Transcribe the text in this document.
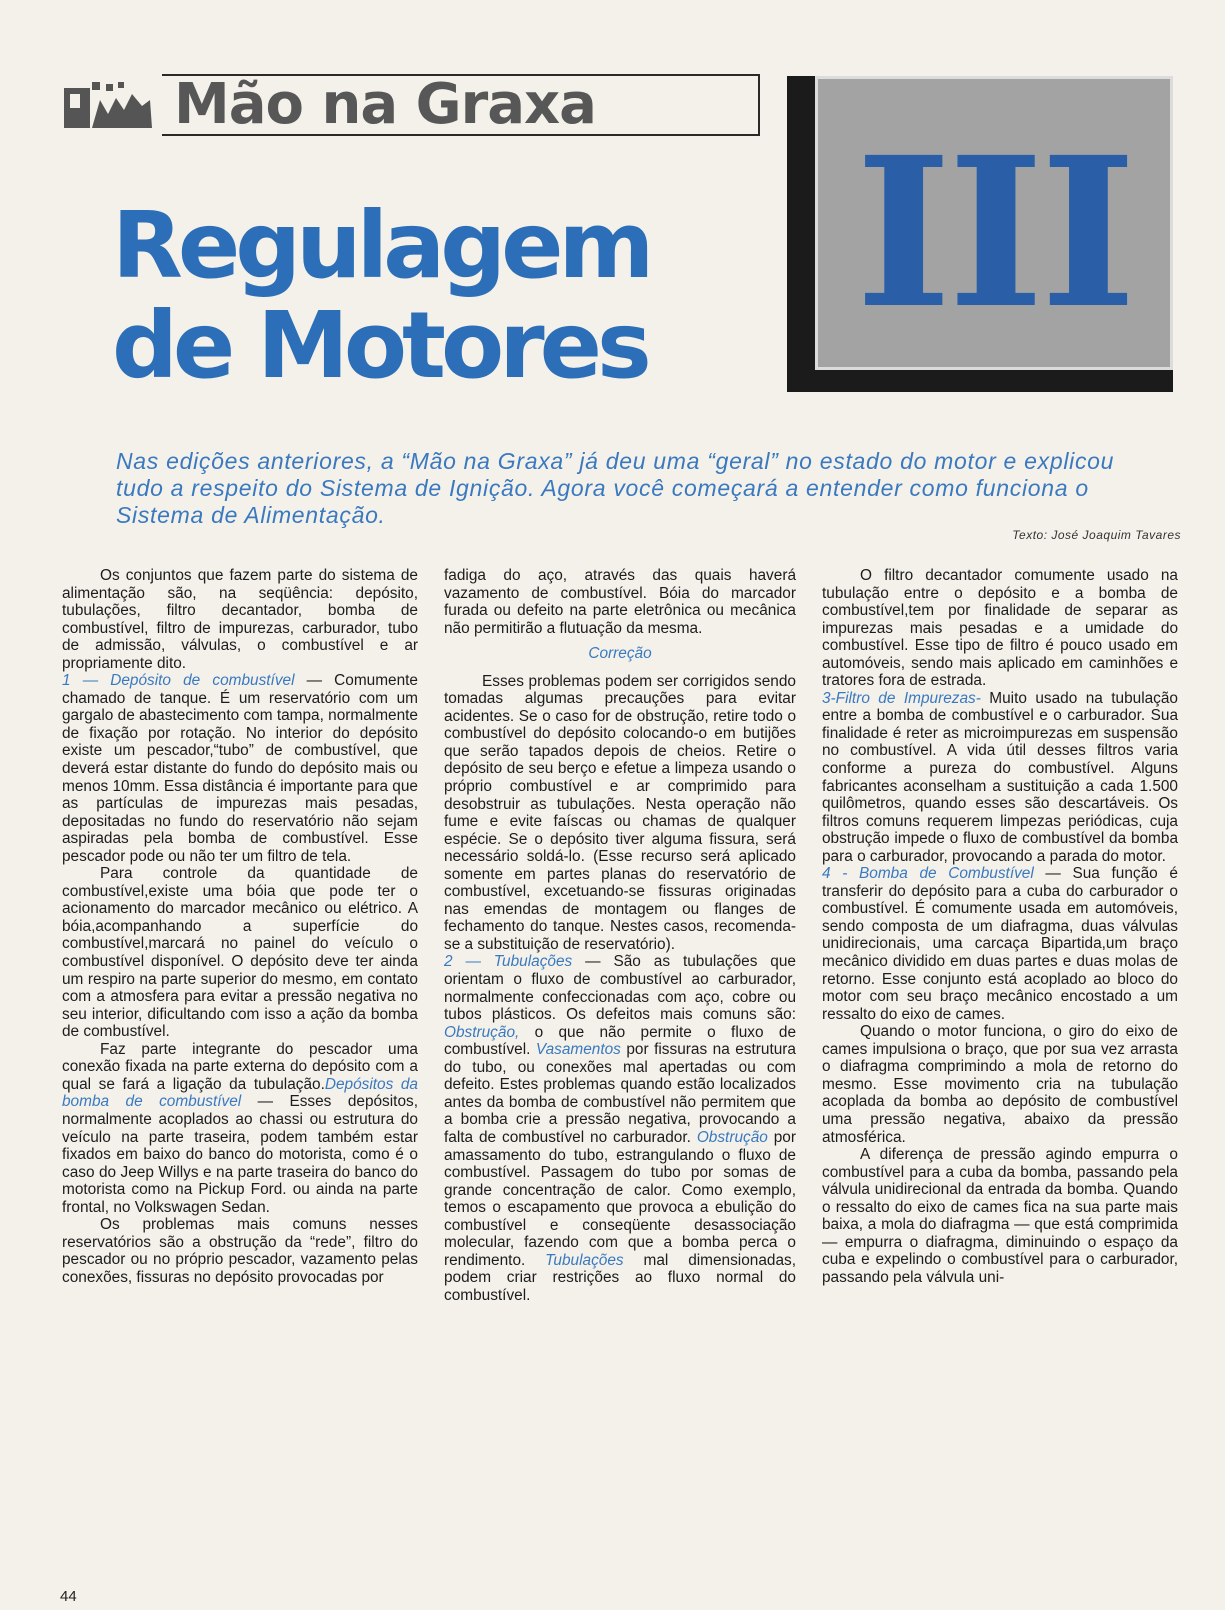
Mão na Graxa
Regulagem
de Motores III

Nas edições anteriores, a “Mão na Graxa” já deu uma “geral” no estado do motor e explicou tudo a respeito do Sistema de Ignição. Agora você começará a entender como funciona o Sistema de Alimentação.

Texto: José Joaquim Tavares

Os conjuntos que fazem parte do sistema de alimentação são, na seqüência: depósito, tubulações, filtro decantador, bomba de combustível, filtro de impurezas, carburador, tubo de admissão, válvulas, o combustível e ar propriamente dito.

1 — Depósito de combustível — Comumente chamado de tanque. É um reservatório com um gargalo de abastecimento com tampa, normalmente de fixação por rotação. No interior do depósito existe um pescador,“tubo” de combustível, que deverá estar distante do fundo do depósito mais ou menos 10mm. Essa distância é importante para que as partículas de impurezas mais pesadas, depositadas no fundo do reservatório não sejam aspiradas pela bomba de combustível. Esse pescador pode ou não ter um filtro de tela.

Para controle da quantidade de combustível,existe uma bóia que pode ter o acionamento do marcador mecânico ou elétrico. A bóia,acompanhando a superfície do combustível,marcará no painel do veículo o combustível disponível. O depósito deve ter ainda um respiro na parte superior do mesmo, em contato com a atmosfera para evitar a pressão negativa no seu interior, dificultando com isso a ação da bomba de combustível.

Faz parte integrante do pescador uma conexão fixada na parte externa do depósito com a qual se fará a ligação da tubulação.Depósitos da bomba de combustível — Esses depósitos, normalmente acoplados ao chassi ou estrutura do veículo na parte traseira, podem também estar fixados em baixo do banco do motorista, como é o caso do Jeep Willys e na parte traseira do banco do motorista como na Pickup Ford. ou ainda na parte frontal, no Volkswagen Sedan.

Os problemas mais comuns nesses reservatórios são a obstrução da “rede”, filtro do pescador ou no próprio pescador, vazamento pelas conexões, fissuras no depósito provocadas por

fadiga do aço, através das quais haverá vazamento de combustível. Bóia do marcador furada ou defeito na parte eletrônica ou mecânica não permitirão a flutuação da mesma.

Correção

Esses problemas podem ser corrigidos sendo tomadas algumas precauções para evitar acidentes. Se o caso for de obstrução, retire todo o combustível do depósito colocando-o em butijões que serão tapados depois de cheios. Retire o depósito de seu berço e efetue a limpeza usando o próprio combustível e ar comprimido para desobstruir as tubulações. Nesta operação não fume e evite faíscas ou chamas de qualquer espécie. Se o depósito tiver alguma fissura, será necessário soldá-lo. (Esse recurso será aplicado somente em partes planas do reservatório de combustível, excetuando-se fissuras originadas nas emendas de montagem ou flanges de fechamento do tanque. Nestes casos, recomenda-se a substituição de reservatório).

2 — Tubulações — São as tubulações que orientam o fluxo de combustível ao carburador, normalmente confeccionadas com aço, cobre ou tubos plásticos. Os defeitos mais comuns são: Obstrução, o que não permite o fluxo de combustível. Vasamentos por fissuras na estrutura do tubo, ou conexões mal apertadas ou com defeito. Estes problemas quando estão localizados antes da bomba de combustível não permitem que a bomba crie a pressão negativa, provocando a falta de combustível no carburador. Obstrução por amassamento do tubo, estrangulando o fluxo de combustível. Passagem do tubo por somas de grande concentração de calor. Como exemplo, temos o escapamento que provoca a ebulição do combustível e conseqüente desassociação molecular, fazendo com que a bomba perca o rendimento. Tubulações mal dimensionadas, podem criar restrições ao fluxo normal do combustível.

O filtro decantador comumente usado na tubulação entre o depósito e a bomba de combustível,tem por finalidade de separar as impurezas mais pesadas e a umidade do combustível. Esse tipo de filtro é pouco usado em automóveis, sendo mais aplicado em caminhões e tratores fora de estrada.

3-Filtro de Impurezas- Muito usado na tubulação entre a bomba de combustível e o carburador. Sua finalidade é reter as microimpurezas em suspensão no combustível. A vida útil desses filtros varia conforme a pureza do combustível. Alguns fabricantes aconselham a sustituição a cada 1.500 quilômetros, quando esses são descartáveis. Os filtros comuns requerem limpezas periódicas, cuja obstrução impede o fluxo de combustível da bomba para o carburador, provocando a parada do motor.

4 - Bomba de Combustível — Sua função é transferir do depósito para a cuba do carburador o combustível. É comumente usada em automóveis, sendo composta de um diafragma, duas válvulas unidirecionais, uma carcaça Bipartida,um braço mecânico dividido em duas partes e duas molas de retorno. Esse conjunto está acoplado ao bloco do motor com seu braço mecânico encostado a um ressalto do eixo de cames.

Quando o motor funciona, o giro do eixo de cames impulsiona o braço, que por sua vez arrasta o diafragma comprimindo a mola de retorno do mesmo. Esse movimento cria na tubulação acoplada da bomba ao depósito de combustível uma pressão negativa, abaixo da pressão atmosférica.

A diferença de pressão agindo empurra o combustível para a cuba da bomba, passando pela válvula unidirecional da entrada da bomba. Quando o ressalto do eixo de cames fica na sua parte mais baixa, a mola do diafragma — que está comprimida — empurra o diafragma, diminuindo o espaço da cuba e expelindo o combustível para o carburador, passando pela válvula uni-

44
